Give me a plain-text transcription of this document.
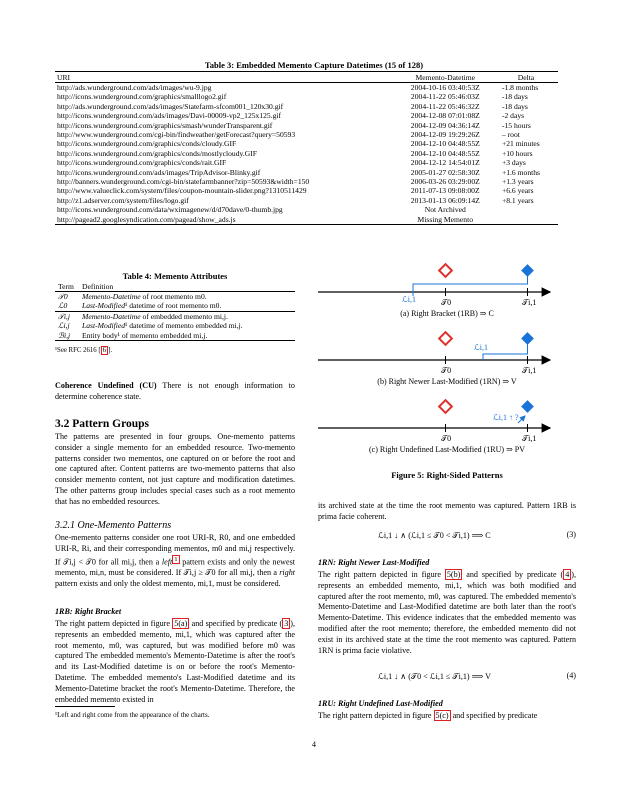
Table 3: Embedded Memento Capture Datetimes (15 of 128)
URI	Memento-Datetime	Delta
http://ads.wunderground.com/ads/images/wu-9.jpg	2004-10-16 03:40:53Z	-1.8 months
http://icons.wunderground.com/graphics/smalllogo2.gif	2004-11-22 05:46:03Z	-18 days
http://ads.wunderground.com/ads/images/Statefarm-sfcom001_120x30.gif	2004-11-22 05:46:32Z	-18 days
http://icons.wunderground.com/ads/images/Davi-00009-vp2_125x125.gif	2004-12-08 07:01:08Z	-2 days
http://icons.wunderground.com/graphics/smash/wunderTransparent.gif	2004-12-09 04:36:14Z	-15 hours
http://www.wunderground.com/cgi-bin/findweather/getForecast?query=50593	2004-12-09 19:29:26Z	– root
http://icons.wunderground.com/graphics/conds/cloudy.GIF	2004-12-10 04:48:55Z	+21 minutes
http://icons.wunderground.com/graphics/conds/mostlycloudy.GIF	2004-12-10 04:48:55Z	+10 hours
http://icons.wunderground.com/graphics/conds/rait.GIF	2004-12-12 14:54:01Z	+3 days
http://icons.wunderground.com/ads/images/TripAdvisor-Blinky.gif	2005-01-27 02:58:30Z	+1.6 months
http://banners.wunderground.com/cgi-bin/statefarmbanner?zip=50593&width=150	2006-03-26 03:29:00Z	+1.3 years
http://www.valueclick.com/system/files/coupon-mountain-slider.png?1310511429	2011-07-13 09:08:00Z	+6.6 years
http://z1.adserver.com/system/files/logo.gif	2013-01-13 06:09:14Z	+8.1 years
http://icons.wunderground.com/data/wximagenew/d/d70dave/0-thumb.jpg	Not Archived	
http://pagead2.googlesyndication.com/pagead/show_ads.js	Missing Memento	
Table 4: Memento Attributes
Term	Definition
𝒯0	Memento-Datetime of root memento m0.
ℒ0	Last-Modified¹ datetime of root memento m0.
𝒯i,j	Memento-Datetime of embedded memento mi,j.
ℒi,j	Last-Modified¹ datetime of memento embedded mi,j.
ℬi,j	Entity body¹ of memento embedded mi,j.
¹See RFC 2616 [ 6 ].
Coherence Undefined (CU) There is not enough information to determine coherence state.
3.2 Pattern Groups
The patterns are presented in four groups. One-memento patterns consider a single memento for an embedded resource. Two-memento patterns consider two mementos, one captured on or before the root and one captured after. Content patterns are two-memento patterns that also consider memento content, not just capture and modification datetimes. The other patterns group includes special cases such as a root memento that has no embedded resources.
3.2.1 One-Memento Patterns
One-memento patterns consider one root URI-R, R0, and one embedded URI-R, Ri, and their corresponding mementos, m0 and mi,j respectively. If 𝒯i,j < 𝒯0 for all mi,j, then a left $^1$ pattern exists and only the newest memento, mi,n, must be considered. If 𝒯i,j ≥ 𝒯0 for all mi,j, then a right pattern exists and only the oldest memento, mi,1, must be considered.
1RB: Right Bracket
The right pattern depicted in figure 5(a) and specified by predicate ( 3 ), represents an embedded memento, mi,1, which was captured after the root memento, m0, was captured, but was modified before m0 was captured The embedded memento's Memento-Datetime is after the root's and its Last-Modified datetime is on or before the root's Memento-Datetime. The embedded memento's Last-Modified datetime and its Memento-Datetime bracket the root's Memento-Datetime. Therefore, the embedded memento existed in
¹Left and right come from the appearance of the charts.
4
ℒi,1	𝒯0	𝒯i,1
ℒi,1
𝒯0	𝒯i,1
ℒi,1 ↑ ?
𝒯0	𝒯i,1
(a) Right Bracket (1RB) ⇒ C
(b) Right Newer Last-Modified (1RN) ⇒ V
(c) Right Undefined Last-Modified (1RU) ⇒ PV
Figure 5: Right-Sided Patterns
its archived state at the time the root memento was captured. Pattern 1RB is prima facie coherent.
ℒi,1 ↓ ∧ (ℒi,1 ≤ 𝒯0 < 𝒯i,1) ⟹ C	(3)
1RN: Right Newer Last-Modified
The right pattern depicted in figure 5(b) and specified by predicate ( 4 ), represents an embedded memento, mi,1, which was both modified and captured after the root memento, m0, was captured. The embedded memento's Memento-Datetime and Last-Modified datetime are both later than the root's Memento-Datetime. This evidence indicates that the embedded memento was modified after the root memento; therefore, the embedded memento did not exist in its archived state at the time the root memento was captured. Pattern 1RN is prima facie violative.
ℒi,1 ↓ ∧ (𝒯0 < ℒi,1 ≤ 𝒯i,1) ⟹ V	(4)
1RU: Right Undefined Last-Modified
The right pattern depicted in figure 5(c) and specified by predicate
